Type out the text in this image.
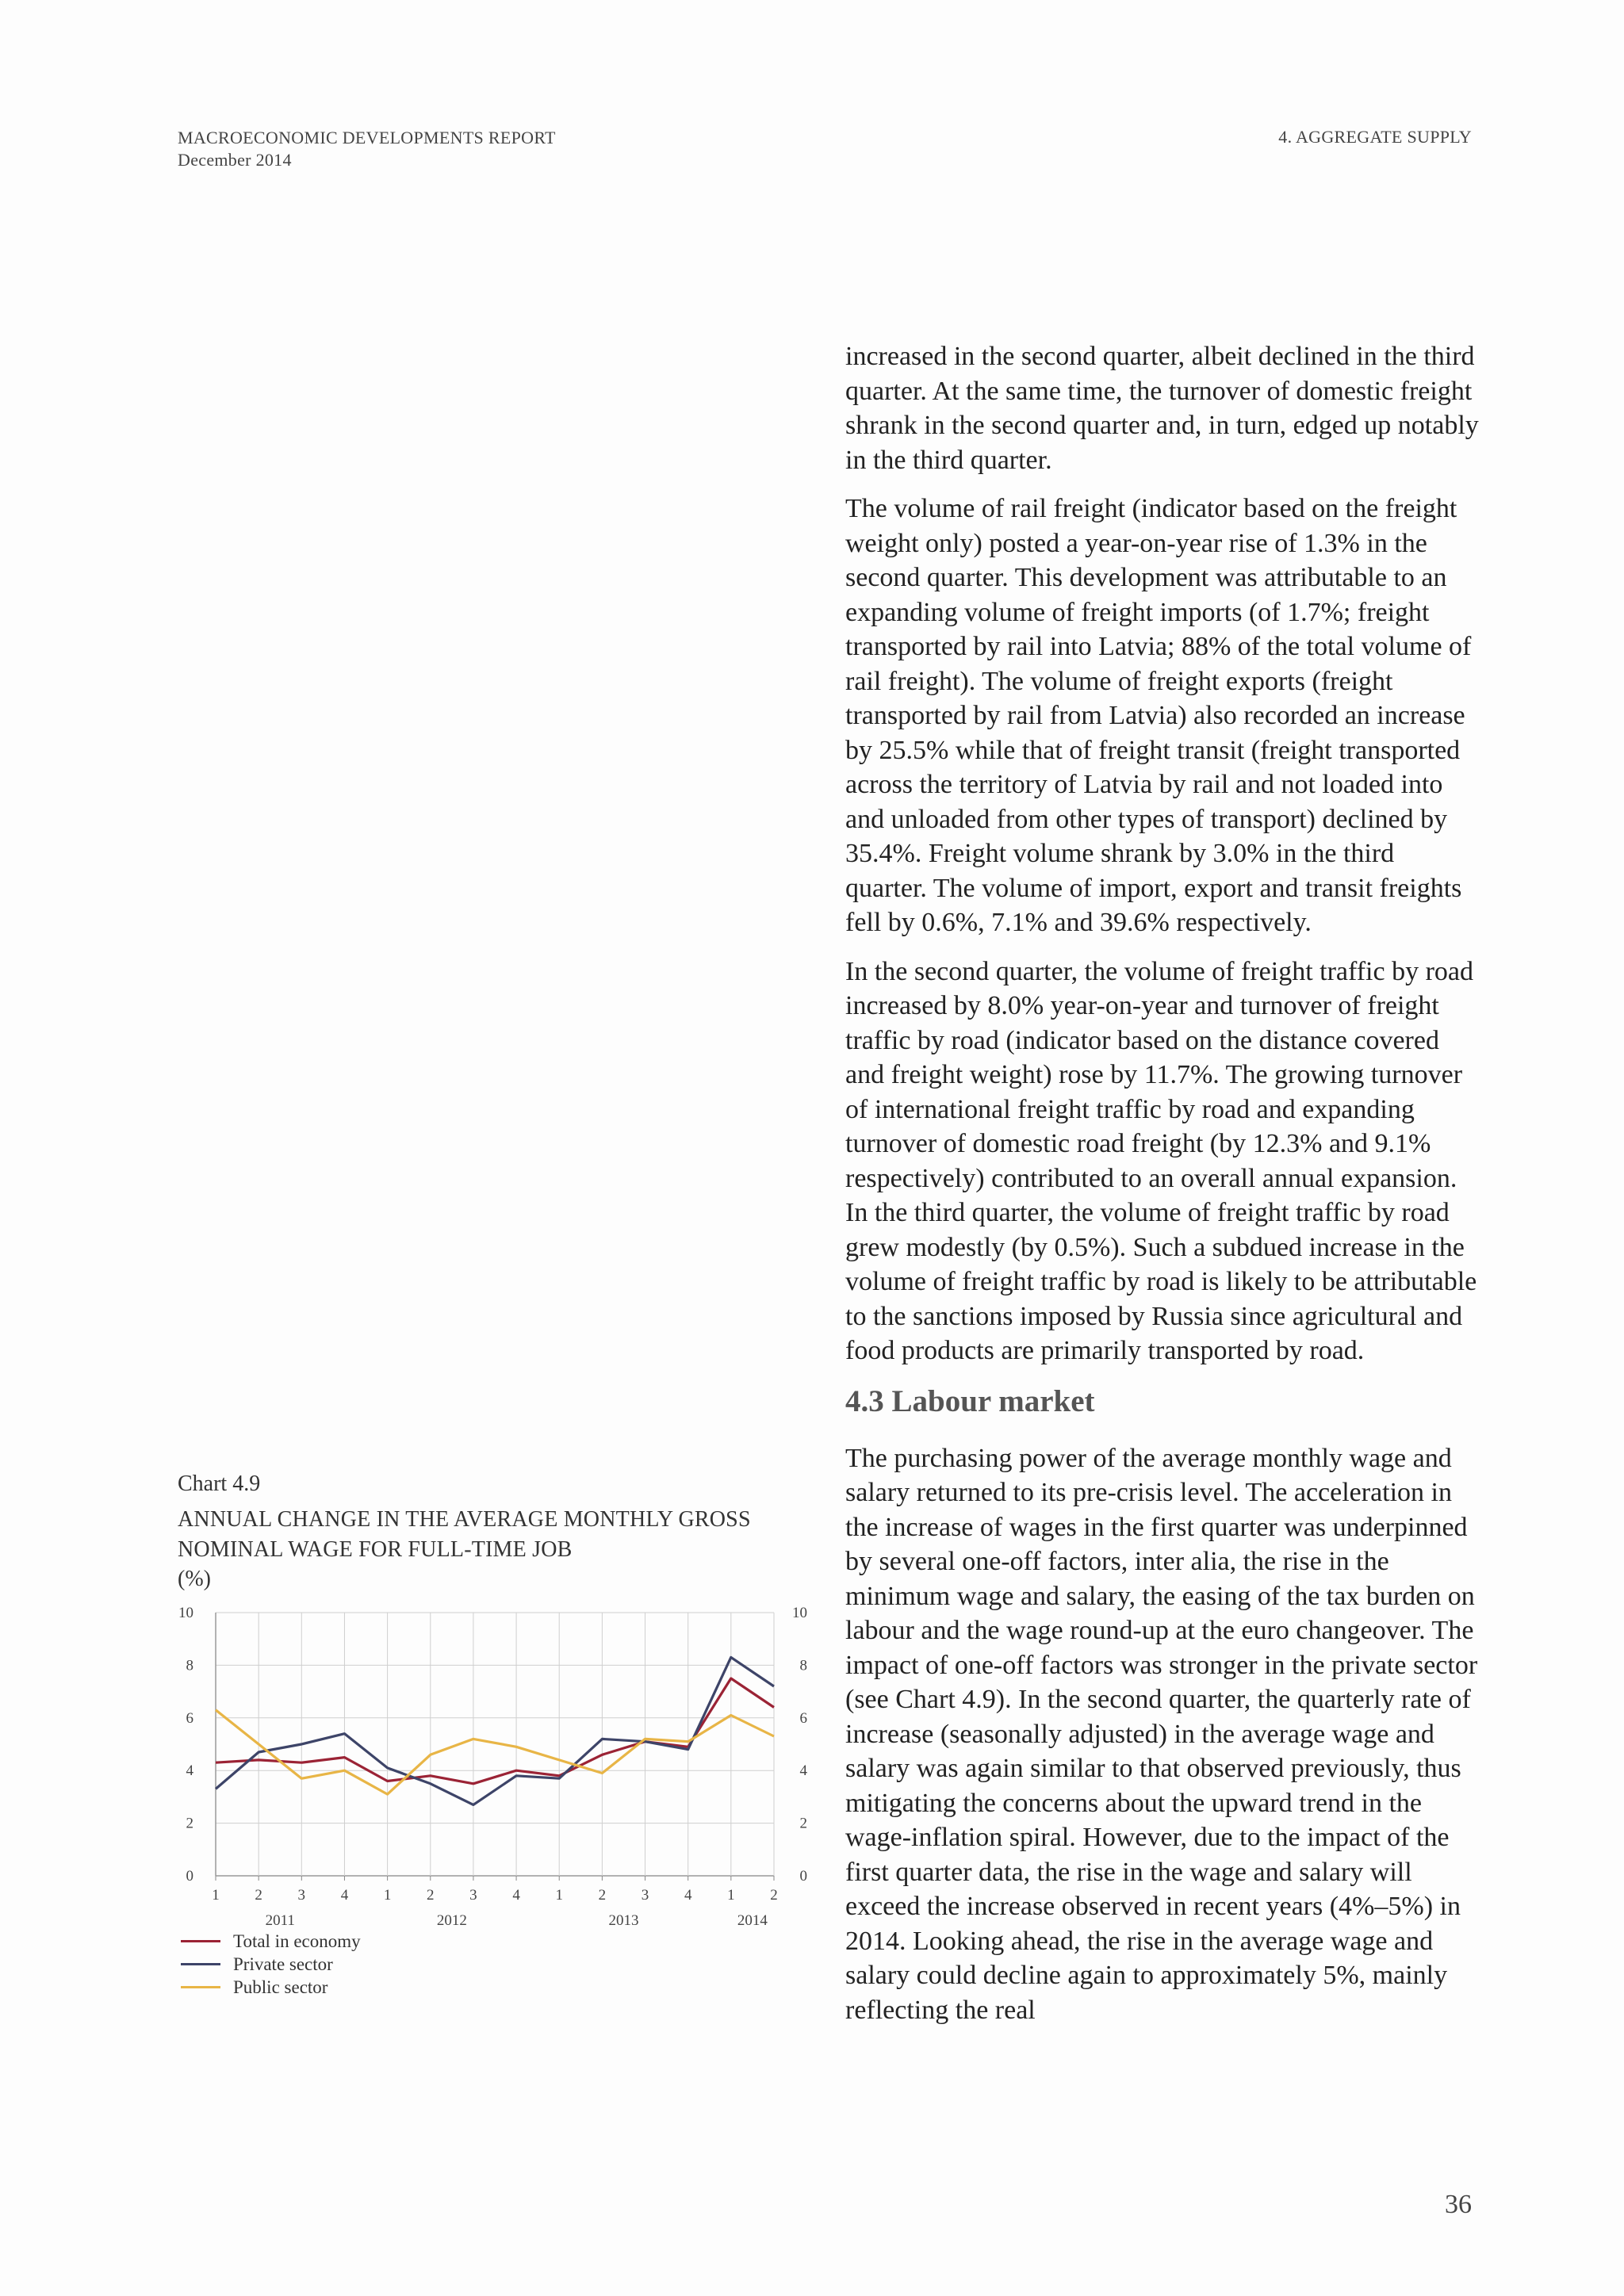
MACROECONOMIC DEVELOPMENTS REPORT
December 2014
4. AGGREGATE SUPPLY

increased in the second quarter, albeit declined in the third quarter. At the same time, the turnover of domestic freight shrank in the second quarter and, in turn, edged up notably in the third quarter.

The volume of rail freight (indicator based on the freight weight only) posted a year-on-year rise of 1.3% in the second quarter. This development was attributable to an expanding volume of freight imports (of 1.7%; freight transported by rail into Latvia; 88% of the total volume of rail freight). The volume of freight exports (freight transported by rail from Latvia) also recorded an increase by 25.5% while that of freight transit (freight transported across the territory of Latvia by rail and not loaded into and unloaded from other types of transport) declined by 35.4%. Freight volume shrank by 3.0% in the third quarter. The volume of import, export and transit freights fell by 0.6%, 7.1% and 39.6% respectively.

In the second quarter, the volume of freight traffic by road increased by 8.0% year-on-year and turnover of freight traffic by road (indicator based on the distance covered and freight weight) rose by 11.7%. The growing turnover of international freight traffic by road and expanding turnover of domestic road freight (by 12.3% and 9.1% respectively) contributed to an overall annual expansion. In the third quarter, the volume of freight traffic by road grew modestly (by 0.5%). Such a subdued increase in the volume of freight traffic by road is likely to be attributable to the sanctions imposed by Russia since agricultural and food products are primarily transported by road.

4.3 Labour market

The purchasing power of the average monthly wage and salary returned to its pre-crisis level. The acceleration in the increase of wages in the first quarter was underpinned by several one-off factors, inter alia, the rise in the minimum wage and salary, the easing of the tax burden on labour and the wage round-up at the euro changeover. The impact of one-off factors was stronger in the private sector (see Chart 4.9). In the second quarter, the quarterly rate of increase (seasonally adjusted) in the average wage and salary was again similar to that observed previously, thus mitigating the concerns about the upward trend in the wage-inflation spiral. However, due to the impact of the first quarter data, the rise in the wage and salary will exceed the increase observed in recent years (4%–5%) in 2014. Looking ahead, the rise in the average wage and salary could decline again to approximately 5%, mainly reflecting the real

Chart 4.9
ANNUAL CHANGE IN THE AVERAGE MONTHLY GROSS
NOMINAL WAGE FOR FULL-TIME JOB
(%)
0	0
2	2
4	4
6	6
8	8
10	10
1 2 3 4 1 2 3 4 1 2 3 4 1 2
2011	2012	2013	2014
Total in economy
Private sector
Public sector
36
